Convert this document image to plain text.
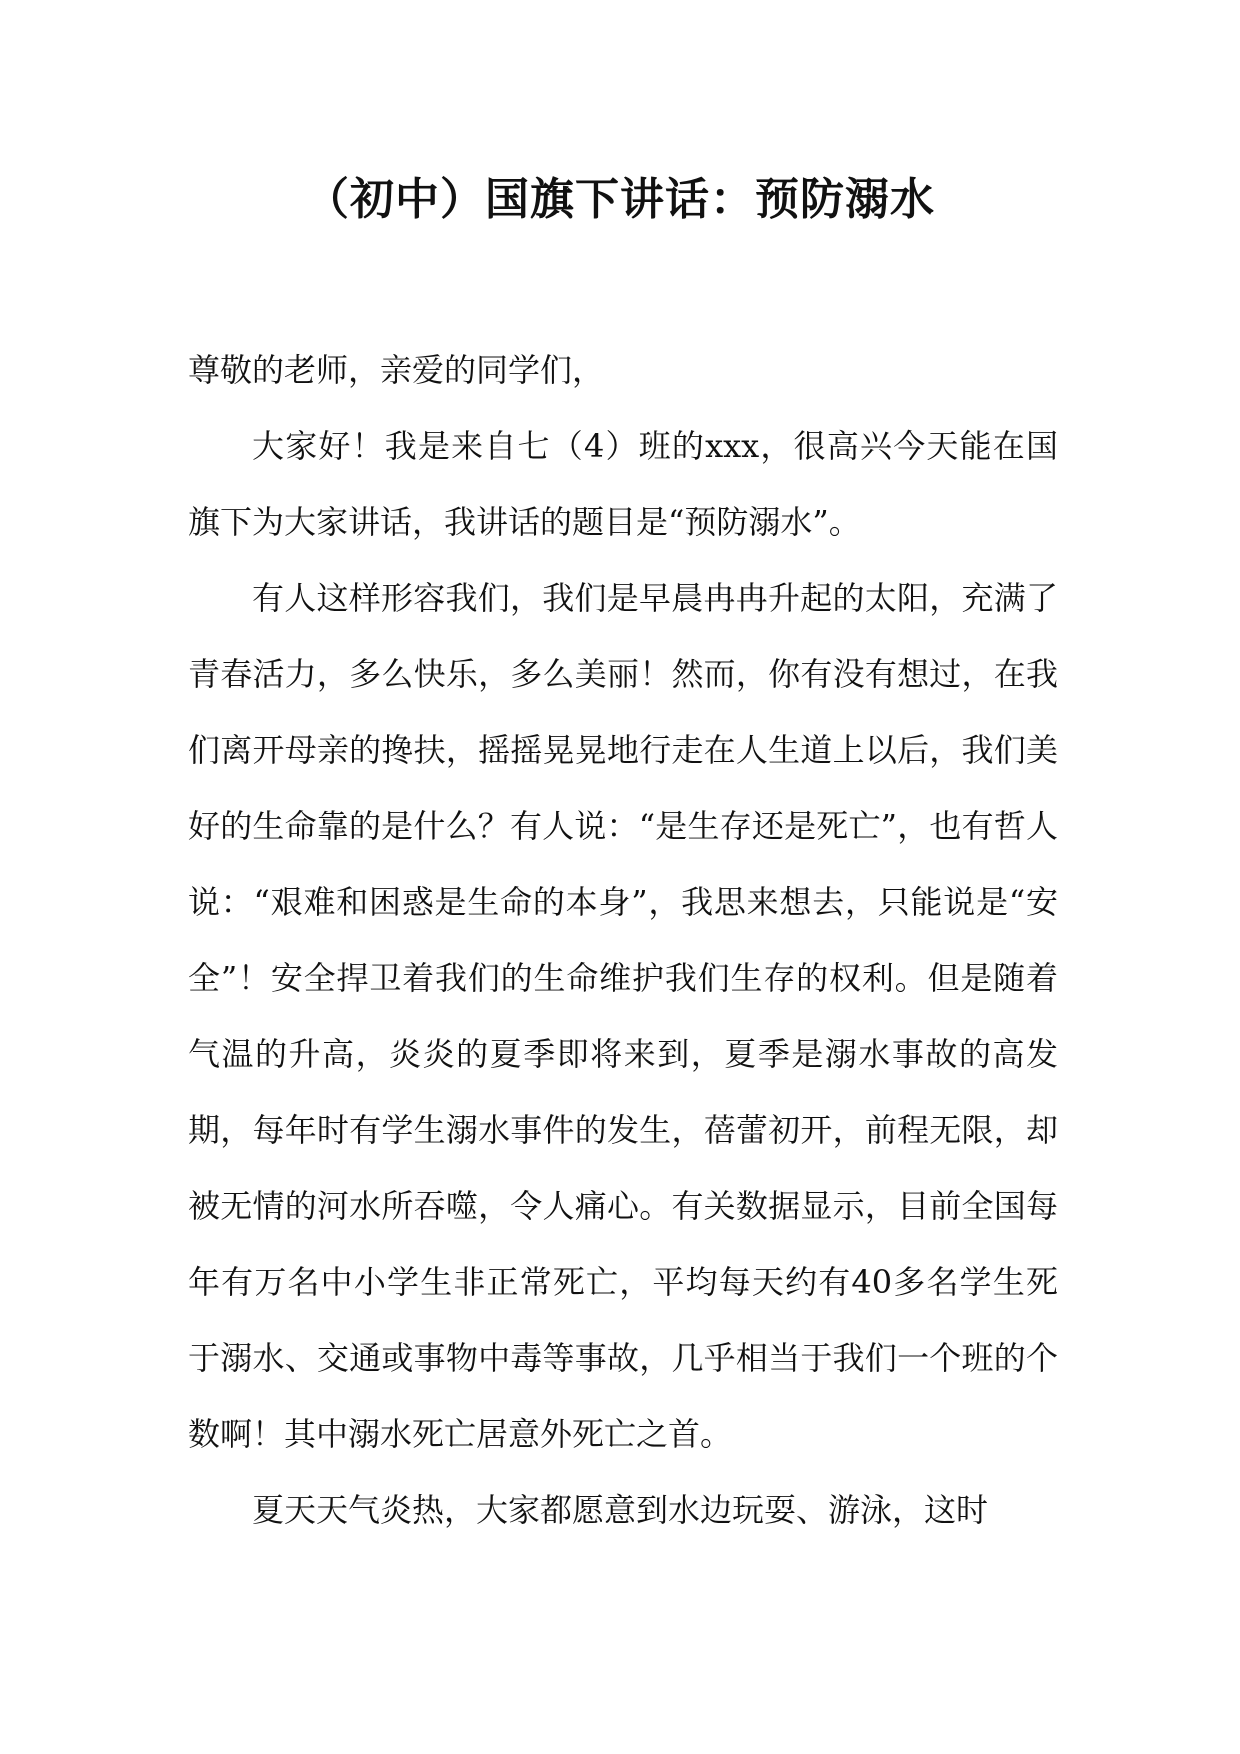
（初中）国旗下讲话：预防溺水

尊敬的老师，亲爱的同学们，

大家好！我是来自七（4）班的xxx，很高兴今天能在国旗下为大家讲话，我讲话的题目是“预防溺水”。

有人这样形容我们，我们是早晨冉冉升起的太阳，充满了青春活力，多么快乐，多么美丽！然而，你有没有想过，在我们离开母亲的搀扶，摇摇晃晃地行走在人生道上以后，我们美好的生命靠的是什么？有人说：“是生存还是死亡”，也有哲人说：“艰难和困惑是生命的本身”，我思来想去，只能说是“安全”！安全捍卫着我们的生命维护我们生存的权利。但是随着气温的升高，炎炎的夏季即将来到，夏季是溺水事故的高发期，每年时有学生溺水事件的发生，蓓蕾初开，前程无限，却被无情的河水所吞噬，令人痛心。有关数据显示，目前全国每年有万名中小学生非正常死亡，平均每天约有40多名学生死于溺水、交通或事物中毒等事故，几乎相当于我们一个班的个数啊！其中溺水死亡居意外死亡之首。

夏天天气炎热，大家都愿意到水边玩耍、游泳，这时
